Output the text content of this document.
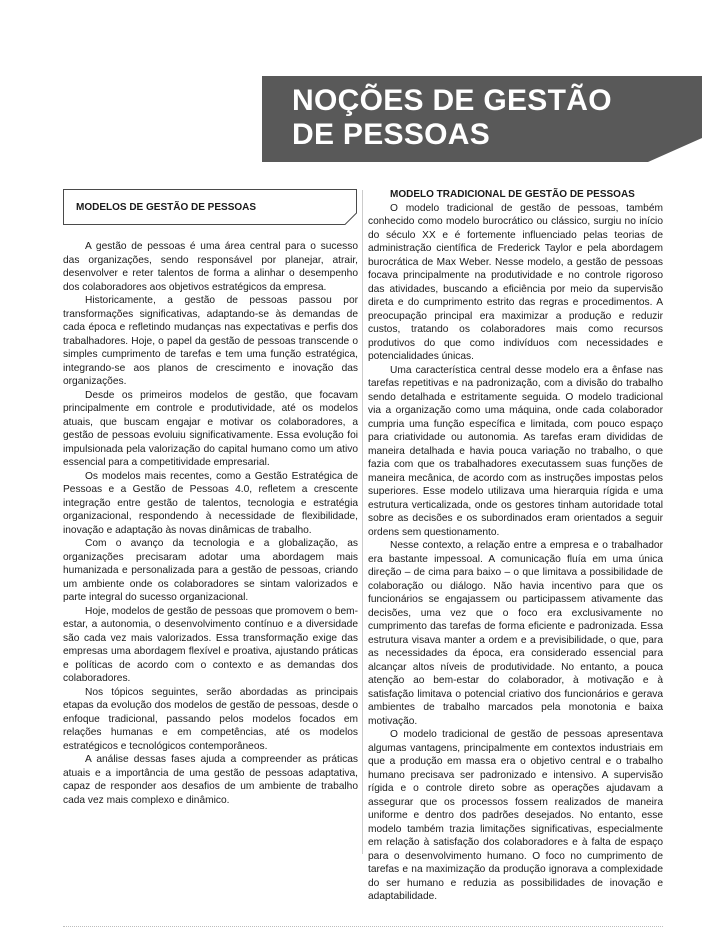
NOÇÕES DE GESTÃO
DE PESSOAS
MODELOS DE GESTÃO DE PESSOAS

A gestão de pessoas é uma área central para o sucesso das organizações, sendo responsável por planejar, atrair, desenvolver e reter talentos de forma a alinhar o desempenho dos colaboradores aos objetivos estratégicos da empresa.

Historicamente, a gestão de pessoas passou por transformações significativas, adaptando-se às demandas de cada época e refletindo mudanças nas expectativas e perfis dos trabalhadores. Hoje, o papel da gestão de pessoas transcende o simples cumprimento de tarefas e tem uma função estratégica, integrando-se aos planos de crescimento e inovação das organizações.

Desde os primeiros modelos de gestão, que focavam principalmente em controle e produtividade, até os modelos atuais, que buscam engajar e motivar os colaboradores, a gestão de pessoas evoluiu significativamente. Essa evolução foi impulsionada pela valorização do capital humano como um ativo essencial para a competitividade empresarial.

Os modelos mais recentes, como a Gestão Estratégica de Pessoas e a Gestão de Pessoas 4.0, refletem a crescente integração entre gestão de talentos, tecnologia e estratégia organizacional, respondendo à necessidade de flexibilidade, inovação e adaptação às novas dinâmicas de trabalho.

Com o avanço da tecnologia e a globalização, as organizações precisaram adotar uma abordagem mais humanizada e personalizada para a gestão de pessoas, criando um ambiente onde os colaboradores se sintam valorizados e parte integral do sucesso organizacional.

Hoje, modelos de gestão de pessoas que promovem o bem-estar, a autonomia, o desenvolvimento contínuo e a diversidade são cada vez mais valorizados. Essa transformação exige das empresas uma abordagem flexível e proativa, ajustando práticas e políticas de acordo com o contexto e as demandas dos colaboradores.

Nos tópicos seguintes, serão abordadas as principais etapas da evolução dos modelos de gestão de pessoas, desde o enfoque tradicional, passando pelos modelos focados em relações humanas e em competências, até os modelos estratégicos e tecnológicos contemporâneos.

A análise dessas fases ajuda a compreender as práticas atuais e a importância de uma gestão de pessoas adaptativa, capaz de responder aos desafios de um ambiente de trabalho cada vez mais complexo e dinâmico.

MODELO TRADICIONAL DE GESTÃO DE PESSOAS

O modelo tradicional de gestão de pessoas, também conhecido como modelo burocrático ou clássico, surgiu no início do século XX e é fortemente influenciado pelas teorias de administração científica de Frederick Taylor e pela abordagem burocrática de Max Weber. Nesse modelo, a gestão de pessoas focava principalmente na produtividade e no controle rigoroso das atividades, buscando a eficiência por meio da supervisão direta e do cumprimento estrito das regras e procedimentos. A preocupação principal era maximizar a produção e reduzir custos, tratando os colaboradores mais como recursos produtivos do que como indivíduos com necessidades e potencialidades únicas.

Uma característica central desse modelo era a ênfase nas tarefas repetitivas e na padronização, com a divisão do trabalho sendo detalhada e estritamente seguida. O modelo tradicional via a organização como uma máquina, onde cada colaborador cumpria uma função específica e limitada, com pouco espaço para criatividade ou autonomia. As tarefas eram divididas de maneira detalhada e havia pouca variação no trabalho, o que fazia com que os trabalhadores executassem suas funções de maneira mecânica, de acordo com as instruções impostas pelos superiores. Esse modelo utilizava uma hierarquia rígida e uma estrutura verticalizada, onde os gestores tinham autoridade total sobre as decisões e os subordinados eram orientados a seguir ordens sem questionamento.

Nesse contexto, a relação entre a empresa e o trabalhador era bastante impessoal. A comunicação fluía em uma única direção – de cima para baixo – o que limitava a possibilidade de colaboração ou diálogo. Não havia incentivo para que os funcionários se engajassem ou participassem ativamente das decisões, uma vez que o foco era exclusivamente no cumprimento das tarefas de forma eficiente e padronizada. Essa estrutura visava manter a ordem e a previsibilidade, o que, para as necessidades da época, era considerado essencial para alcançar altos níveis de produtividade. No entanto, a pouca atenção ao bem-estar do colaborador, à motivação e à satisfação limitava o potencial criativo dos funcionários e gerava ambientes de trabalho marcados pela monotonia e baixa motivação.

O modelo tradicional de gestão de pessoas apresentava algumas vantagens, principalmente em contextos industriais em que a produção em massa era o objetivo central e o trabalho humano precisava ser padronizado e intensivo. A supervisão rígida e o controle direto sobre as operações ajudavam a assegurar que os processos fossem realizados de maneira uniforme e dentro dos padrões desejados. No entanto, esse modelo também trazia limitações significativas, especialmente em relação à satisfação dos colaboradores e à falta de espaço para o desenvolvimento humano. O foco no cumprimento de tarefas e na maximização da produção ignorava a complexidade do ser humano e reduzia as possibilidades de inovação e adaptabilidade.
